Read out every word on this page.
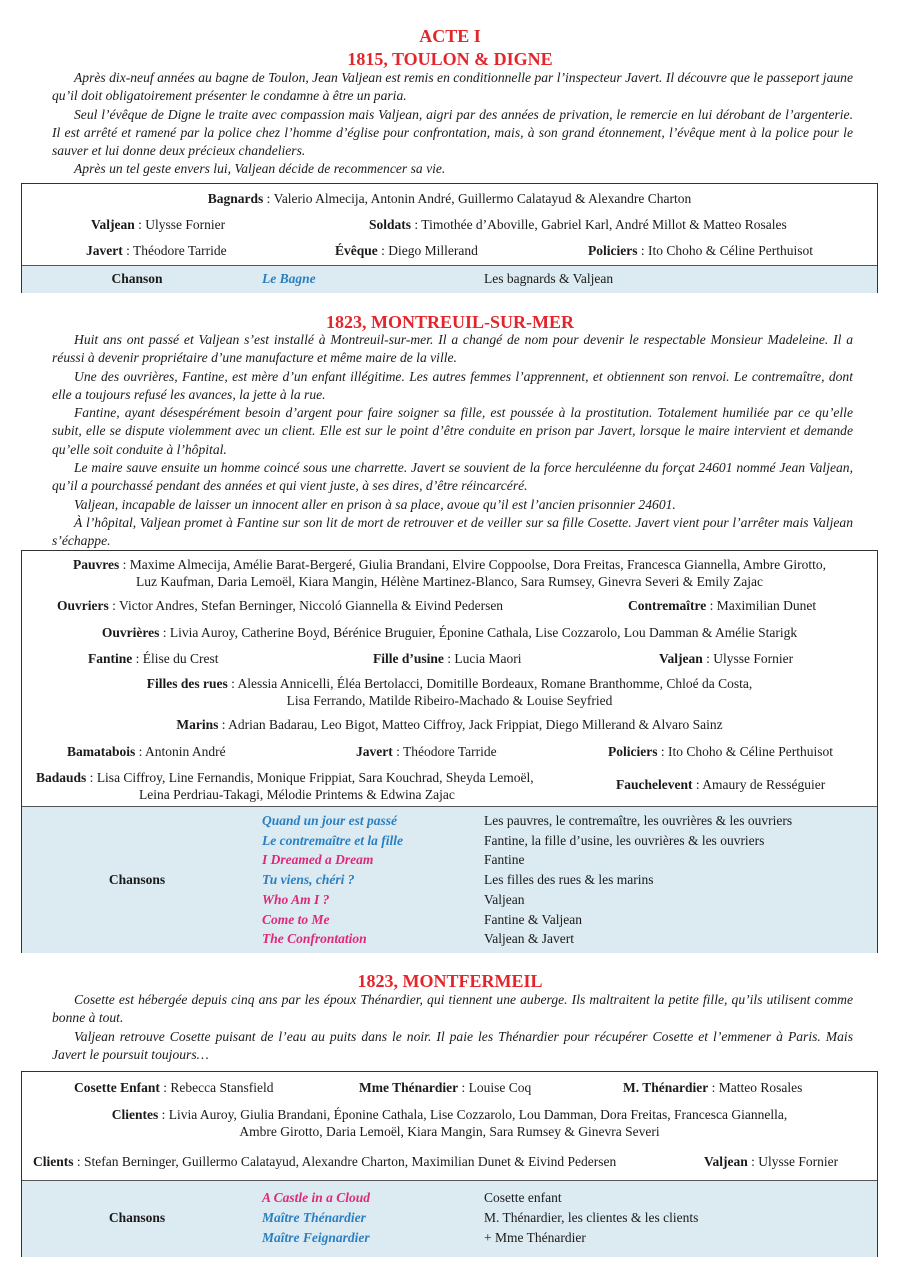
ACTE I
1815, TOULON & DIGNE

Après dix-neuf années au bagne de Toulon, Jean Valjean est remis en conditionnelle par l’inspecteur Javert. Il découvre que le passeport jaune qu’il doit obligatoirement présenter le condamne à être un paria.

Seul l’évêque de Digne le traite avec compassion mais Valjean, aigri par des années de privation, le remercie en lui dérobant de l’argenterie. Il est arrêté et ramené par la police chez l’homme d’église pour confrontation, mais, à son grand étonnement, l’évêque ment à la police pour le sauver et lui donne deux précieux chandeliers.

Après un tel geste envers lui, Valjean décide de recommencer sa vie.

Bagnards : Valerio Almecija, Antonin André, Guillermo Calatayud & Alexandre Charton
Valjean : Ulysse Fornier	Soldats : Timothée d’Aboville, Gabriel Karl, André Millot & Matteo Rosales
Javert : Théodore Tarride	Évêque : Diego Millerand	Policiers : Ito Choho & Céline Perthuisot
Chanson	Le Bagne	Les bagnards & Valjean
1823, MONTREUIL-SUR-MER

Huit ans ont passé et Valjean s’est installé à Montreuil-sur-mer. Il a changé de nom pour devenir le respectable Monsieur Madeleine. Il a réussi à devenir propriétaire d’une manufacture et même maire de la ville.

Une des ouvrières, Fantine, est mère d’un enfant illégitime. Les autres femmes l’apprennent, et obtiennent son renvoi. Le contremaître, dont elle a toujours refusé les avances, la jette à la rue.

Fantine, ayant désespérément besoin d’argent pour faire soigner sa fille, est poussée à la prostitution. Totalement humiliée par ce qu’elle subit, elle se dispute violemment avec un client. Elle est sur le point d’être conduite en prison par Javert, lorsque le maire intervient et demande qu’elle soit conduite à l’hôpital.

Le maire sauve ensuite un homme coincé sous une charrette. Javert se souvient de la force herculéenne du forçat 24601 nommé Jean Valjean, qu’il a pourchassé pendant des années et qui vient juste, à ses dires, d’être réincarcéré.

Valjean, incapable de laisser un innocent aller en prison à sa place, avoue qu’il est l’ancien prisonnier 24601.

À l’hôpital, Valjean promet à Fantine sur son lit de mort de retrouver et de veiller sur sa fille Cosette. Javert vient pour l’arrêter mais Valjean s’échappe.

Pauvres : Maxime Almecija, Amélie Barat-Bergeré, Giulia Brandani, Elvire Coppoolse, Dora Freitas, Francesca Giannella, Ambre Girotto,
Luz Kaufman, Daria Lemoël, Kiara Mangin, Hélène Martinez-Blanco, Sara Rumsey, Ginevra Severi & Emily Zajac
Ouvriers : Victor Andres, Stefan Berninger, Niccoló Giannella & Eivind Pedersen	Contremaître : Maximilian Dunet
Ouvrières : Livia Auroy, Catherine Boyd, Bérénice Bruguier, Éponine Cathala, Lise Cozzarolo, Lou Damman & Amélie Starigk
Fantine : Élise du Crest	Fille d’usine : Lucia Maori	Valjean : Ulysse Fornier
Filles des rues : Alessia Annicelli, Éléa Bertolacci, Domitille Bordeaux, Romane Branthomme, Chloé da Costa,
Lisa Ferrando, Matilde Ribeiro-Machado & Louise Seyfried
Marins : Adrian Badarau, Leo Bigot, Matteo Ciffroy, Jack Frippiat, Diego Millerand & Alvaro Sainz
Bamatabois : Antonin André	Javert : Théodore Tarride	Policiers : Ito Choho & Céline Perthuisot
Badauds : Lisa Ciffroy, Line Fernandis, Monique Frippiat, Sara Kouchrad, Sheyda Lemoël,
Leina Perdriau-Takagi, Mélodie Printems & Edwina Zajac
Fauchelevent : Amaury de Rességuier
Chansons
Quand un jour est passé	Les pauvres, le contremaître, les ouvrières & les ouvriers
Le contremaître et la fille	Fantine, la fille d’usine, les ouvrières & les ouvriers
I Dreamed a Dream	Fantine
Tu viens, chéri ?	Les filles des rues & les marins
Who Am I ?	Valjean
Come to Me	Fantine & Valjean
The Confrontation	Valjean & Javert
1823, MONTFERMEIL

Cosette est hébergée depuis cinq ans par les époux Thénardier, qui tiennent une auberge. Ils maltraitent la petite fille, qu’ils utilisent comme bonne à tout.

Valjean retrouve Cosette puisant de l’eau au puits dans le noir. Il paie les Thénardier pour récupérer Cosette et l’emmener à Paris. Mais Javert le poursuit toujours…

Cosette Enfant : Rebecca Stansfield	Mme Thénardier : Louise Coq	M. Thénardier : Matteo Rosales
Clientes : Livia Auroy, Giulia Brandani, Éponine Cathala, Lise Cozzarolo, Lou Damman, Dora Freitas, Francesca Giannella,
Ambre Girotto, Daria Lemoël, Kiara Mangin, Sara Rumsey & Ginevra Severi
Clients : Stefan Berninger, Guillermo Calatayud, Alexandre Charton, Maximilian Dunet & Eivind Pedersen	Valjean : Ulysse Fornier
Chansons
A Castle in a Cloud	Cosette enfant
Maître Thénardier	M. Thénardier, les clientes & les clients
Maître Feignardier	+ Mme Thénardier
